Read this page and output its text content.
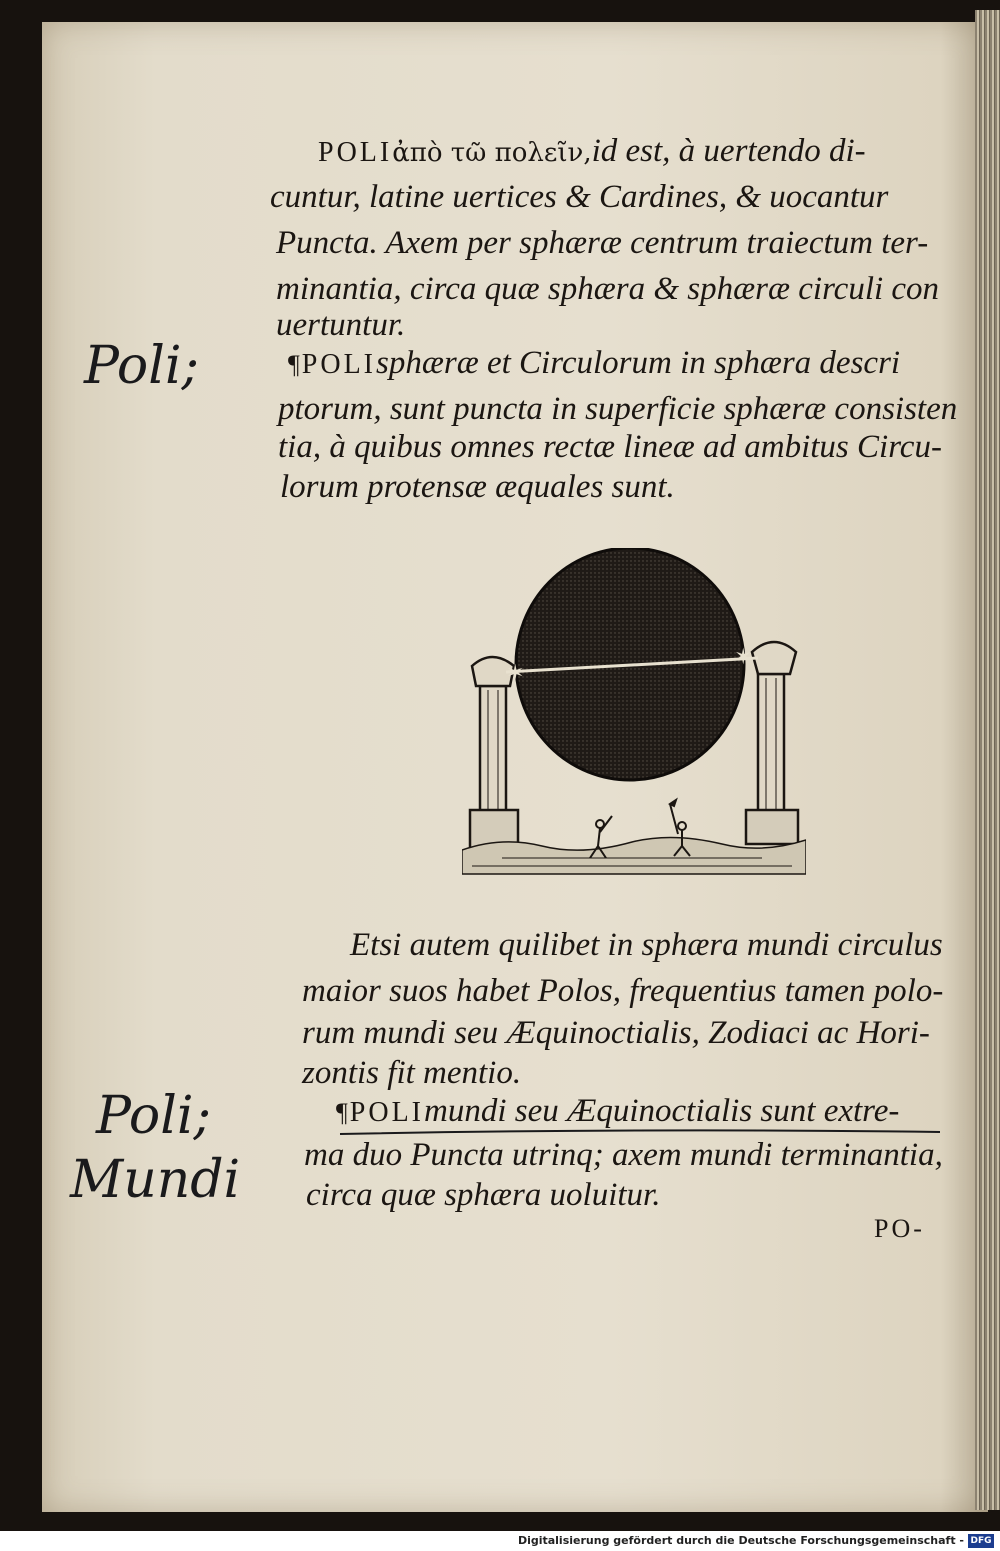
POLIἀπὸ τῶ πολεῖν,id est, à uertendo di-
cuntur, latine uertices & Cardines, & uocantur
Puncta. Axem per sphæræ centrum traiectum ter-
minantia, circa quæ sphæra & sphæræ circuli con
uertuntur.
¶POLIsphæræ et Circulorum in sphæra descri
ptorum, sunt puncta in superficie sphæræ consisten
tia, à quibus omnes rectæ lineæ ad ambitus Circu-
lorum protensæ æquales sunt.
✶
✶
Etsi autem quilibet in sphæra mundi circulus
maior suos habet Polos, frequentius tamen polo-
rum mundi seu Æquinoctialis, Zodiaci ac Hori-
zontis fit mentio.
¶POLImundi seu Æquinoctialis sunt extre-
ma duo Puncta utrinq; axem mundi terminantia,
circa quæ sphæra uoluitur.
PO-
Poli;
Poli;
Mundi
Digitalisierung gefördert durch die Deutsche Forschungsgemeinschaft - DFG
